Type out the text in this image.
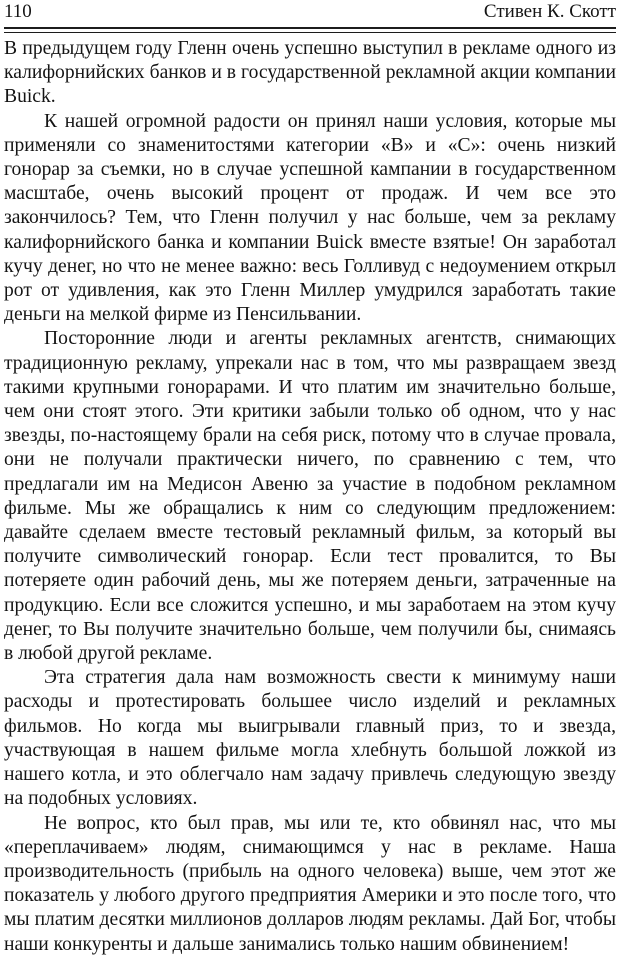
110	Стивен К. Скотт

В предыдущем году Гленн очень успешно выступил в рекламе одного из калифорнийских банков и в государственной рекламной акции компании Buick.

К нашей огромной радости он принял наши условия, которые мы применяли со знаменитостями категории «В» и «С»: очень низкий гонорар за съемки, но в случае успешной кампании в государственном масштабе, очень высокий процент от продаж. И чем все это закончилось? Тем, что Гленн получил у нас больше, чем за рекламу калифорнийского банка и компании Buick вместе взятые! Он заработал кучу денег, но что не менее важно: весь Голливуд с недоумением открыл рот от удивления, как это Гленн Миллер умудрился заработать такие деньги на мелкой фирме из Пенсильвании.

Посторонние люди и агенты рекламных агентств, снимающих традиционную рекламу, упрекали нас в том, что мы развращаем звезд такими крупными гонорарами. И что платим им значительно больше, чем они стоят этого. Эти критики забыли только об одном, что у нас звезды, по-настоящему брали на себя риск, потому что в случае провала, они не получали практически ничего, по сравнению с тем, что предлагали им на Медисон Авеню за участие в подобном рекламном фильме. Мы же обращались к ним со следующим предложением: давайте сделаем вместе тестовый рекламный фильм, за который вы получите символический гонорар. Если тест провалится, то Вы потеряете один рабочий день, мы же потеряем деньги, затраченные на продукцию. Если все сложится успешно, и мы заработаем на этом кучу денег, то Вы получите значительно больше, чем получили бы, снимаясь в любой другой рекламе.

Эта стратегия дала нам возможность свести к минимуму наши расходы и протестировать большее число изделий и рекламных фильмов. Но когда мы выигрывали главный приз, то и звезда, участвующая в нашем фильме могла хлебнуть большой ложкой из нашего котла, и это облегчало нам задачу привлечь следующую звезду на подобных условиях.

Не вопрос, кто был прав, мы или те, кто обвинял нас, что мы «переплачиваем» людям, снимающимся у нас в рекламе. Наша производительность (прибыль на одного человека) выше, чем этот же показатель у любого другого предприятия Америки и это после того, что мы платим десятки миллионов долларов людям рекламы. Дай Бог, чтобы наши конкуренты и дальше занимались только нашим обвинением!
